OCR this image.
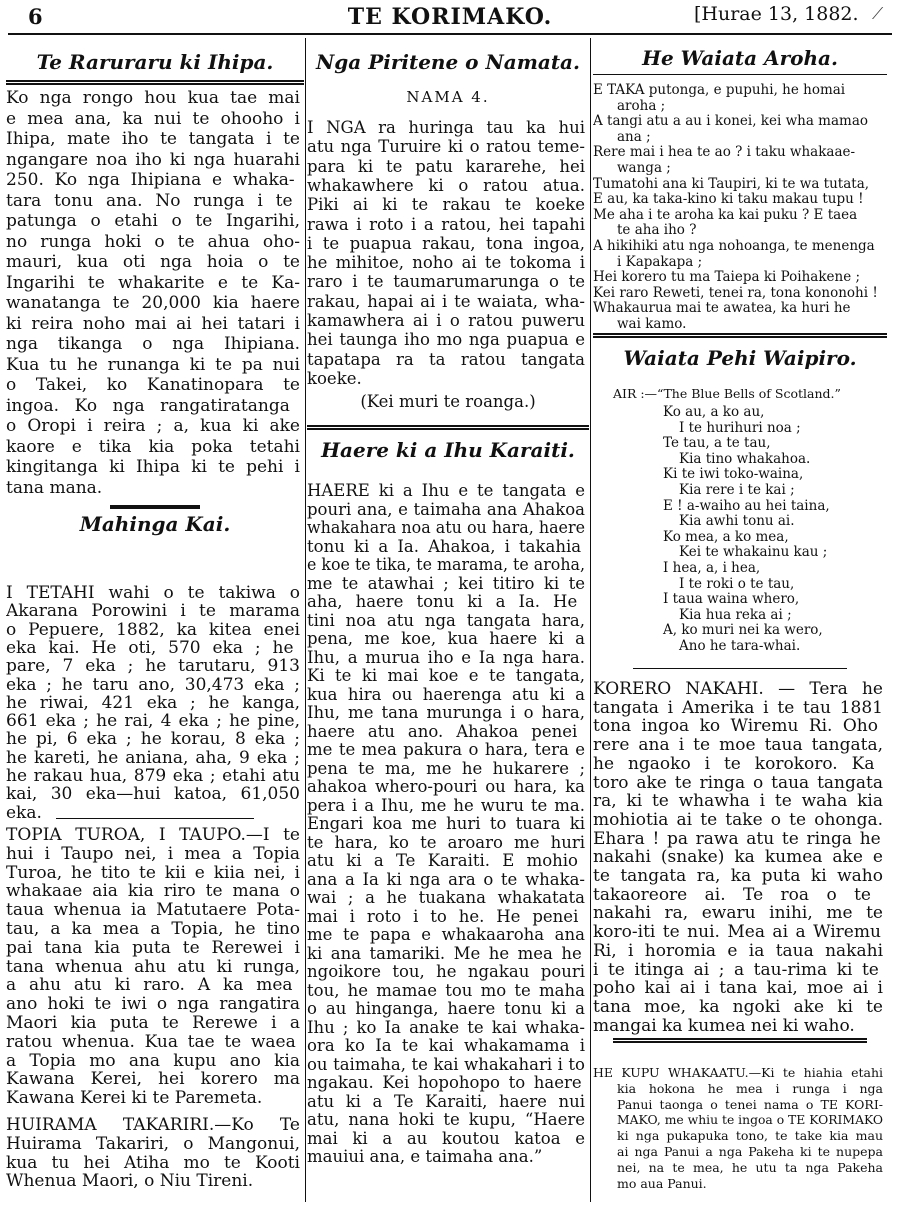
6	TE KORIMAKO.	[Hurae 13, 1882. ⟋
Te Raruraru ki Ihipa.
Ko nga rongo hou kua tae mai
e mea ana, ka nui te ohooho i
Ihipa, mate iho te tangata i te
ngangare noa iho ki nga huarahi
250. Ko nga Ihipiana e whaka-
tara tonu ana. No runga i te
patunga o etahi o te Ingarihi,
no runga hoki o te ahua oho-
mauri, kua oti nga hoia o te
Ingarihi te whakarite e te Ka-
wanatanga te 20,000 kia haere
ki reira noho mai ai hei tatari i
nga tikanga o nga Ihipiana.
Kua tu he runanga ki te pa nui
o Takei, ko Kanatinopara te
ingoa. Ko nga rangatiratanga
o Oropi i reira ; a, kua ki ake
kaore e tika kia poka tetahi
kingitanga ki Ihipa ki te pehi i
tana mana.
Mahinga Kai.
I TETAHI wahi o te takiwa o
Akarana Porowini i te marama
o Pepuere, 1882, ka kitea enei
eka kai. He oti, 570 eka ; he
pare, 7 eka ; he tarutaru, 913
eka ; he taru ano, 30,473 eka ;
he riwai, 421 eka ; he kanga,
661 eka ; he rai, 4 eka ; he pine,
he pi, 6 eka ; he korau, 8 eka ;
he kareti, he aniana, aha, 9 eka ;
he rakau hua, 879 eka ; etahi atu
kai, 30 eka—hui katoa, 61,050
eka.
TOPIA TUROA, I TAUPO.—I te
hui i Taupo nei, i mea a Topia
Turoa, he tito te kii e kiia nei, i
whakaae aia kia riro te mana o
taua whenua ia Matutaere Pota-
tau, a ka mea a Topia, he tino
pai tana kia puta te Rerewei i
tana whenua ahu atu ki runga,
a ahu atu ki raro. A ka mea
ano hoki te iwi o nga rangatira
Maori kia puta te Rerewe i a
ratou whenua. Kua tae te waea
a Topia mo ana kupu ano kia
Kawana Kerei, hei korero ma
Kawana Kerei ki te Paremeta.
HUIRAMA TAKARIRI.—Ko Te
Huirama Takariri, o Mangonui,
kua tu hei Atiha mo te Kooti
Whenua Maori, o Niu Tireni.
Nga Piritene o Namata.
NAMA 4.
I NGA ra huringa tau ka hui
atu nga Turuire ki o ratou teme-
para ki te patu kararehe, hei
whakawhere ki o ratou atua.
Piki ai ki te rakau te koeke
rawa i roto i a ratou, hei tapahi
i te puapua rakau, tona ingoa,
he mihitoe, noho ai te tokoma i
raro i te taumarumarunga o te
rakau, hapai ai i te waiata, wha-
kamawhera ai i o ratou puweru
hei taunga iho mo nga puapua e
tapatapa ra ta ratou tangata
koeke.
(Kei muri te roanga.)
Haere ki a Ihu Karaiti.
HAERE ki a Ihu e te tangata e
pouri ana, e taimaha ana Ahakoa
whakahara noa atu ou hara, haere
tonu ki a Ia. Ahakoa, i takahia
e koe te tika, te marama, te aroha,
me te atawhai ; kei titiro ki te
aha, haere tonu ki a Ia. He
tini noa atu nga tangata hara,
pena, me koe, kua haere ki a
Ihu, a murua iho e Ia nga hara.
Ki te ki mai koe e te tangata,
kua hira ou haerenga atu ki a
Ihu, me tana murunga i o hara,
haere atu ano. Ahakoa penei
me te mea pakura o hara, tera e
pena te ma, me he hukarere ;
ahakoa whero-pouri ou hara, ka
pera i a Ihu, me he wuru te ma.
Engari koa me huri to tuara ki
te hara, ko te aroaro me huri
atu ki a Te Karaiti. E mohio
ana a Ia ki nga ara o te whaka-
wai ; a he tuakana whakatata
mai i roto i to he. He penei
me te papa e whakaaroha ana
ki ana tamariki. Me he mea he
ngoikore tou, he ngakau pouri
tou, he mamae tou mo te maha
o au hinganga, haere tonu ki a
Ihu ; ko Ia anake te kai whaka-
ora ko Ia te kai whakamama i
ou taimaha, te kai whakahari i to
ngakau. Kei hopohopo to haere
atu ki a Te Karaiti, haere nui
atu, nana hoki te kupu, “Haere
mai ki a au koutou katoa e
mauiui ana, e taimaha ana.”
He Waiata Aroha.
E TAKA putonga, e pupuhi, he homai
aroha ;
A tangi atu a au i konei, kei wha mamao
ana ;
Rere mai i hea te ao ? i taku whakaae-
wanga ;
Tumatohi ana ki Taupiri, ki te wa tutata,
E au, ka taka-kino ki taku makau tupu !
Me aha i te aroha ka kai puku ? E taea
te aha iho ?
A hikihiki atu nga nohoanga, te menenga
i Kapakapa ;
Hei korero tu ma Taiepa ki Poihakene ;
Kei raro Reweti, tenei ra, tona kononohi !
Whakaurua mai te awatea, ka huri he
wai kamo.
Waiata Pehi Waipiro.
AIR :—“The Blue Bells of Scotland.”
Ko au, a ko au,
I te hurihuri noa ;
Te tau, a te tau,
Kia tino whakahoa.
Ki te iwi toko-waina,
Kia rere i te kai ;
E ! a-waiho au hei taina,
Kia awhi tonu ai.
Ko mea, a ko mea,
Kei te whakainu kau ;
I hea, a, i hea,
I te roki o te tau,
I taua waina whero,
Kia hua reka ai ;
A, ko muri nei ka wero,
Ano he tara-whai.
KORERO NAKAHI. — Tera he
tangata i Amerika i te tau 1881
tona ingoa ko Wiremu Ri. Oho
rere ana i te moe taua tangata,
he ngaoko i te korokoro. Ka
toro ake te ringa o taua tangata
ra, ki te whawha i te waha kia
mohiotia ai te take o te ohonga.
Ehara ! pa rawa atu te ringa he
nakahi (snake) ka kumea ake e
te tangata ra, ka puta ki waho
takaoreore ai. Te roa o te
nakahi ra, ewaru inihi, me te
koro-iti te nui. Mea ai a Wiremu
Ri, i horomia e ia taua nakahi
i te itinga ai ; a tau-rima ki te
poho kai ai i tana kai, moe ai i
tana moe, ka ngoki ake ki te
mangai ka kumea nei ki waho.
HE KUPU WHAKAATU.—Ki te hiahia etahi
kia hokona he mea i runga i nga
Panui taonga o tenei nama o TE KORI-
MAKO, me whiu te ingoa o TE KORIMAKO
ki nga pukapuka tono, te take kia mau
ai nga Panui a nga Pakeha ki te nupepa
nei, na te mea, he utu ta nga Pakeha
mo aua Panui.
